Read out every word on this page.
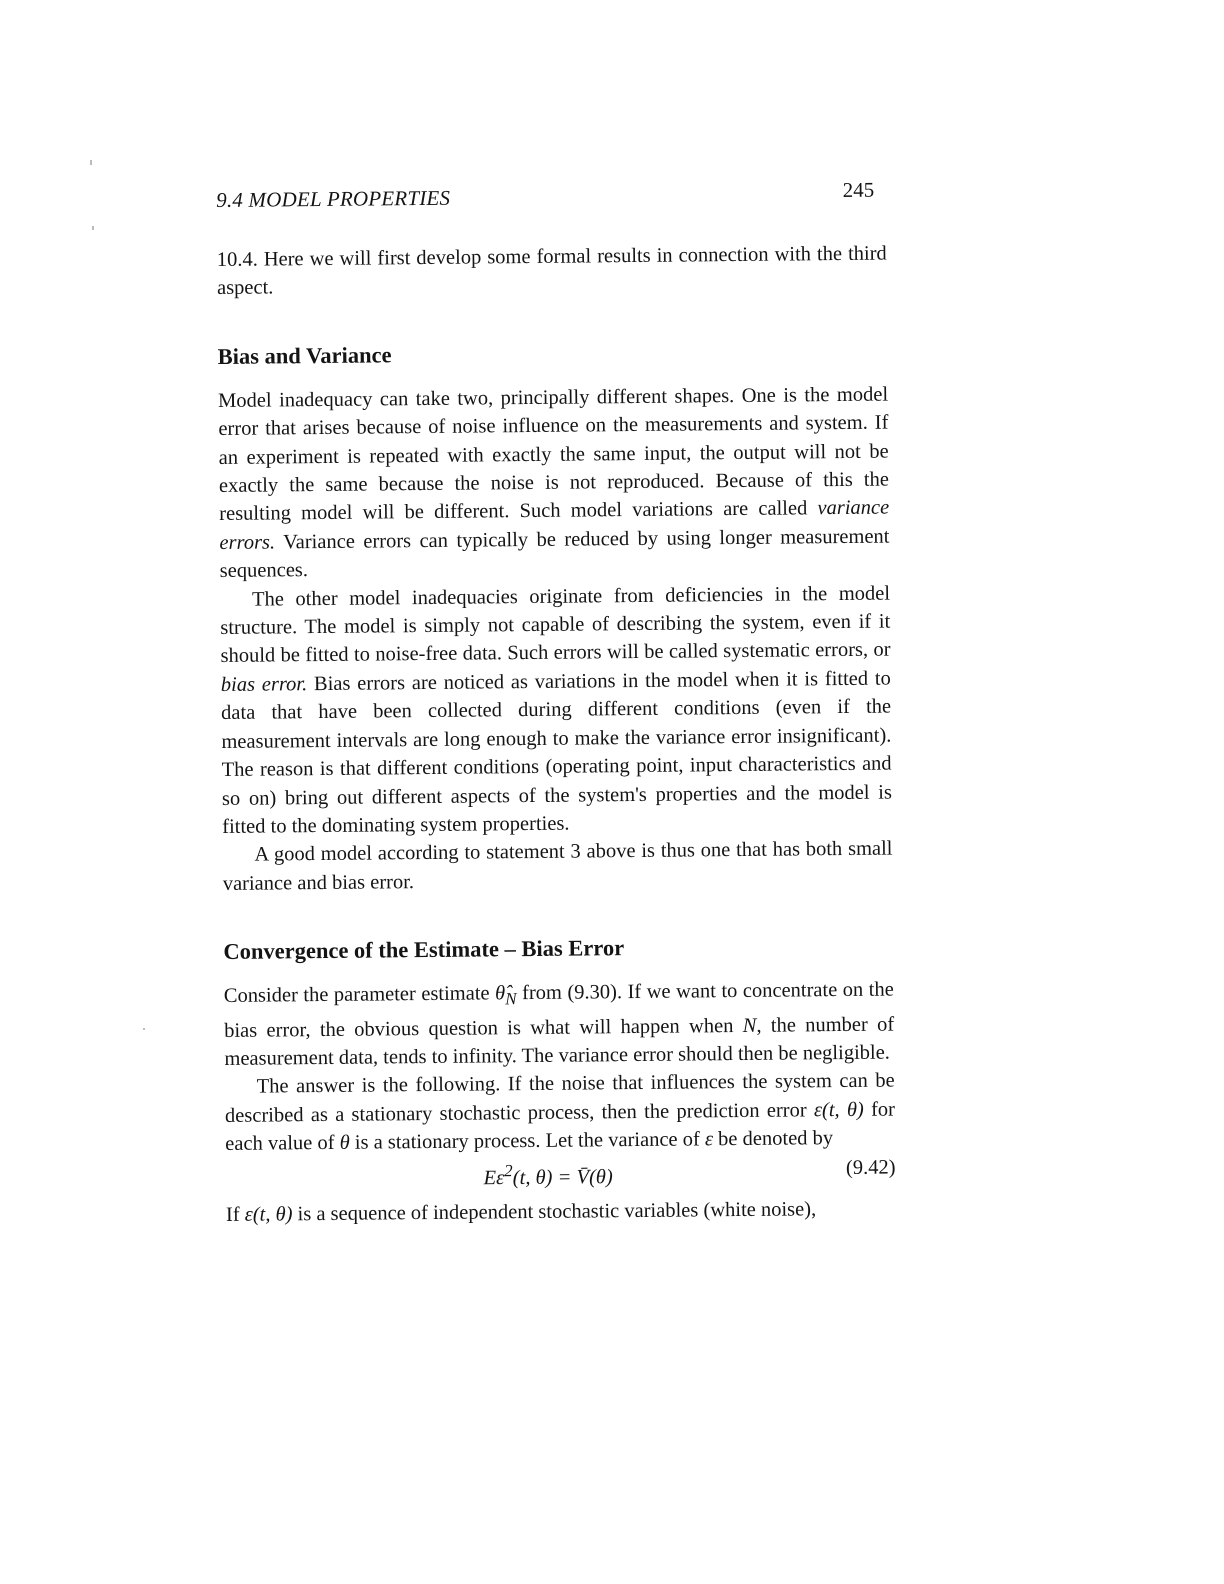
9.4 MODEL PROPERTIES	245

10.4. Here we will first develop some formal results in connection with the third aspect.

Bias and Variance

Model inadequacy can take two, principally different shapes. One is the model error that arises because of noise influence on the measurements and system. If an experiment is repeated with exactly the same input, the output will not be exactly the same because the noise is not reproduced. Because of this the resulting model will be different. Such model variations are called variance errors. Variance errors can typically be reduced by using longer measurement sequences.

The other model inadequacies originate from deficiencies in the model structure. The model is simply not capable of describing the system, even if it should be fitted to noise-free data. Such errors will be called systematic errors, or bias error. Bias errors are noticed as variations in the model when it is fitted to data that have been collected during different conditions (even if the measurement intervals are long enough to make the variance error insignificant). The reason is that different conditions (operating point, input characteristics and so on) bring out different aspects of the system's properties and the model is fitted to the dominating system properties.

A good model according to statement 3 above is thus one that has both small variance and bias error.

Convergence of the Estimate – Bias Error

Consider the parameter estimate $\thetâ_N$ from (9.30). If we want to concentrate on the bias error, the obvious question is what will happen when N, the number of measurement data, tends to infinity. The variance error should then be negligible.

The answer is the following. If the noise that influences the system can be described as a stationary stochastic process, then the prediction error ε(t, θ) for each value of θ is a stationary process. Let the variance of ε be denoted by

$E\varepsilon^2(t$, θ) = V̄(θ)	(9.42)

If ε(t, θ) is a sequence of independent stochastic variables (white noise),
